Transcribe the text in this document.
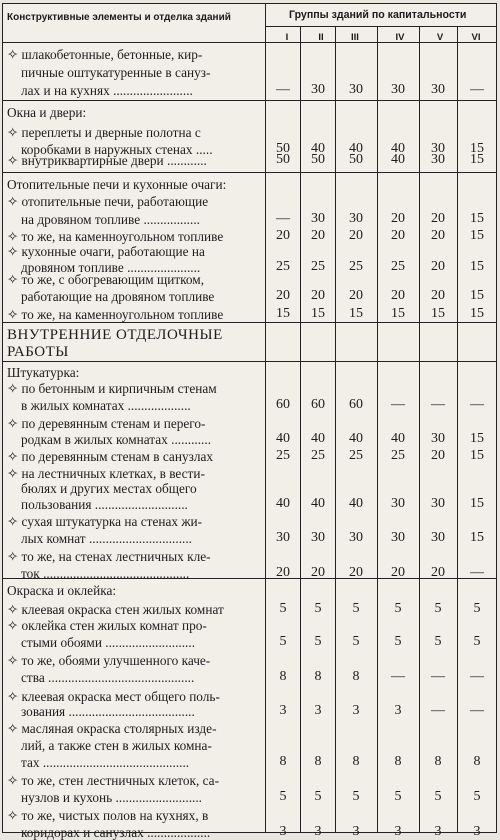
Конструктивные элементы и отделка зданий	Группы зданий по капитальности
I	II	III	IV	V	VI
✧ шлакобетонные, бетонные, кир-
пичные оштукатуренные в сануз-
лах и на кухнях ........................	—	30	30	30	30	—
Окна и двери:
✧ переплеты и дверные полотна с
коробками в наружных стенах .....	50	40	40	40	30	15
✧ внутриквартирные двери ............	50	50	50	40	30	15
Отопительные печи и кухонные очаги:
✧ отопительные печи, работающие
на дровяном топливе .................	—	30	30	20	20	15
✧ то же, на каменноугольном топливе	20	20	20	20	20	15
✧ кухонные очаги, работающие на
дровяном топливе ......................	25	25	25	25	20	15
✧ то же, с обогревающим щитком,
работающие на дровяном топливе	20	20	20	20	20	15
✧ то же, на каменноугольном топливе	15	15	15	15	15	15
ВНУТРЕННИЕ ОТДЕЛОЧНЫЕ
РАБОТЫ
Штукатурка:
✧ по бетонным и кирпичным стенам
в жилых комнатах ...................	60	60	60	—	—	—
✧ по деревянным стенам и перего-
родкам в жилых комнатах ............	40	40	40	40	30	15
✧ по деревянным стенам в санузлах	25	25	25	25	20	15
✧ на лестничных клетках, в вести-
бюлях и других местах общего
пользования ............................	40	40	40	30	30	15
✧ сухая штукатурка на стенах жи-
лых комнат ...............................	30	30	30	30	30	15
✧ то же, на стенах лестничных кле-
ток ............................................	20	20	20	20	20	—
Окраска и оклейка:
✧ клеевая окраска стен жилых комнат	5	5	5	5	5	5
✧ оклейка стен жилых комнат про-
стыми обоями ...........................	5	5	5	5	5	5
✧ то же, обоями улучшенного каче-
ства ............................................	8	8	8	—	—	—
✧ клеевая окраска мест общего поль-
зования ......................................	3	3	3	3	—	—
✧ масляная окраска столярных изде-
лий, а также стен в жилых комна-
тах ............................................	8	8	8	8	8	8
✧ то же, стен лестничных клеток, са-
нузлов и кухонь ..........................	5	5	5	5	5	5
✧ то же, чистых полов на кухнях, в
коридорах и санузлах ...................	3	3	3	3	3	3
